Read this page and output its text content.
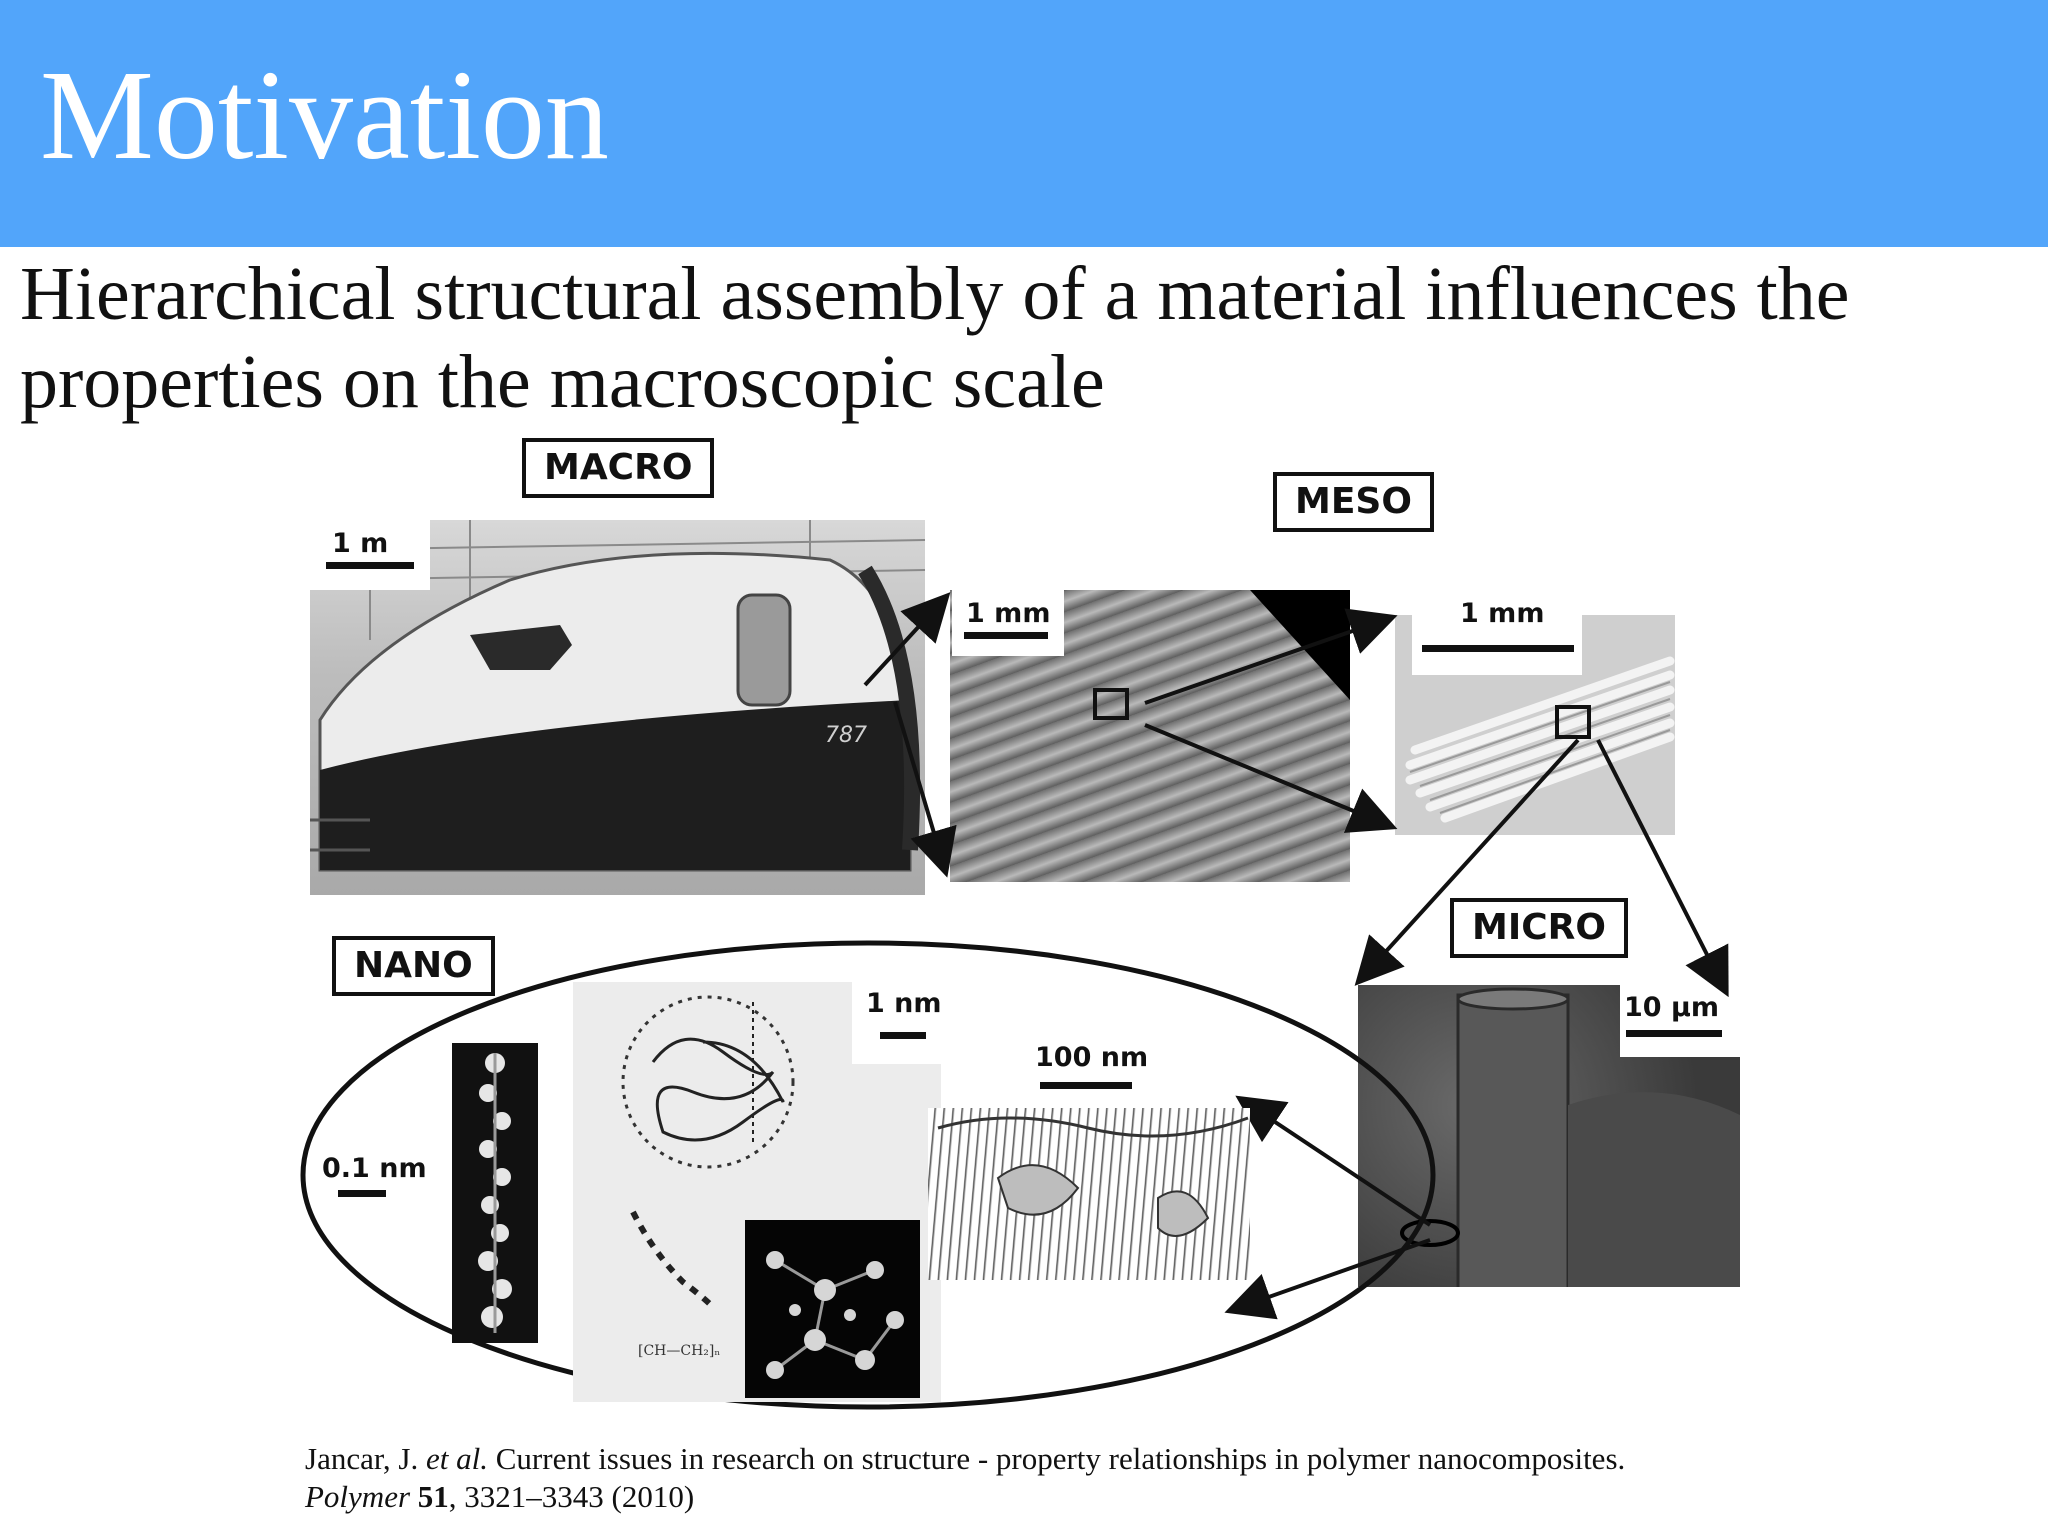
Motivation

Hierarchical structural assembly of a material influences the properties on the macroscopic scale

787
MACRO
1 m
1 mm
MESO
1 mm
MICRO
10 µm
NANO
0.1 nm
[CH—CH₂]ₙ
1 nm
100 nm
Jancar, J. et al. Current issues in research on structure - property relationships in polymer nanocomposites.
Polymer 51, 3321–3343 (2010)
